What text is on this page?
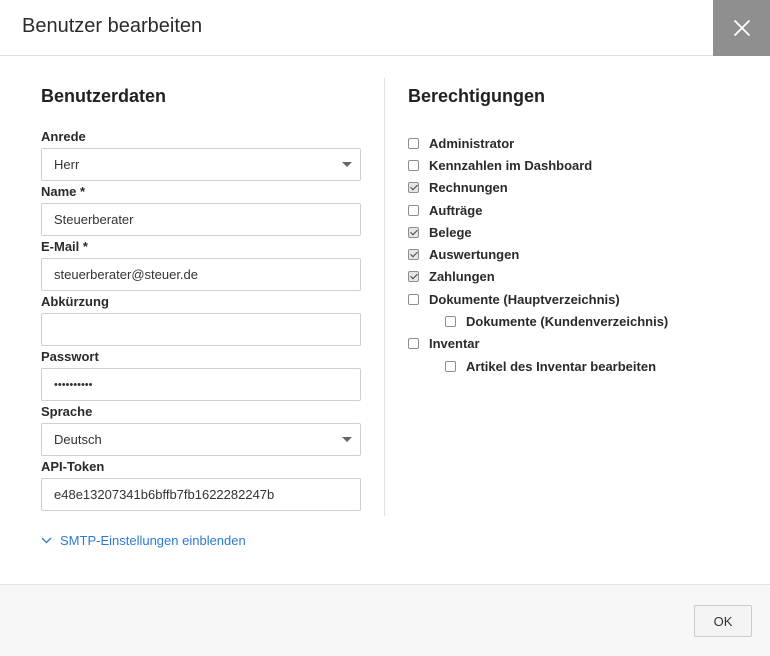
Benutzer bearbeiten
Benutzerdaten
Anrede
Herr
Name *
Steuerberater
E-Mail *
steuerberater@steuer.de
Abkürzung
Passwort
••••••••••
Sprache
Deutsch
API-Token
e48e13207341b6bffb7fb1622282247b
SMTP-Einstellungen einblenden
Berechtigungen
Administrator
Kennzahlen im Dashboard
Rechnungen
Aufträge
Belege
Auswertungen
Zahlungen
Dokumente (Hauptverzeichnis)
Dokumente (Kundenverzeichnis)
Inventar
Artikel des Inventar bearbeiten
OK
